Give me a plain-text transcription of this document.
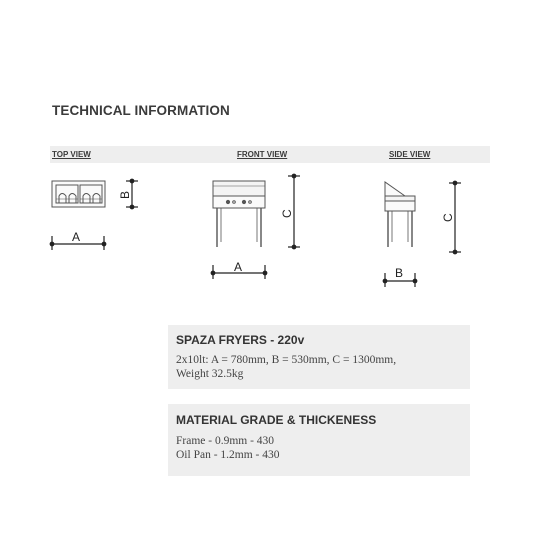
TECHNICAL INFORMATION
TOP VIEW	FRONT VIEW	SIDE VIEW
A
B
A
C
B
C
SPAZA FRYERS - 220v
2x10lt: A = 780mm, B = 530mm, C = 1300mm,
Weight 32.5kg
MATERIAL GRADE & THICKENESS
Frame - 0.9mm - 430
Oil Pan - 1.2mm - 430
